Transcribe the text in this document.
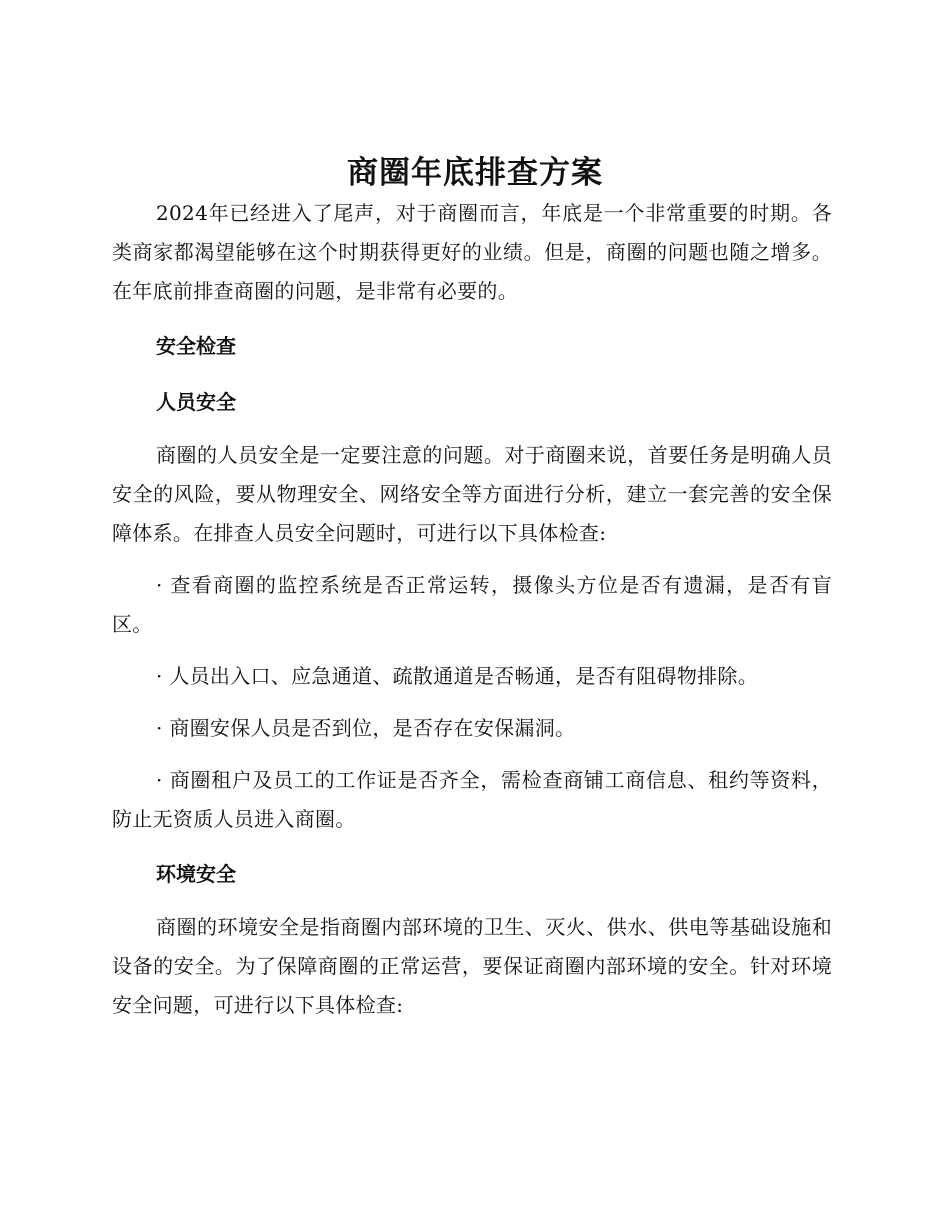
商圈年底排查方案

2024年已经进入了尾声，对于商圈而言，年底是一个非常重要的时期。各类商家都渴望能够在这个时期获得更好的业绩。但是，商圈的问题也随之增多。在年底前排查商圈的问题，是非常有必要的。

安全检查
人员安全

商圈的人员安全是一定要注意的问题。对于商圈来说，首要任务是明确人员安全的风险，要从物理安全、网络安全等方面进行分析，建立一套完善的安全保障体系。在排查人员安全问题时，可进行以下具体检查:

· 查看商圈的监控系统是否正常运转，摄像头方位是否有遗漏，是否有盲区。

· 人员出入口、应急通道、疏散通道是否畅通，是否有阻碍物排除。

· 商圈安保人员是否到位，是否存在安保漏洞。

· 商圈租户及员工的工作证是否齐全，需检查商铺工商信息、租约等资料，防止无资质人员进入商圈。

环境安全

商圈的环境安全是指商圈内部环境的卫生、灭火、供水、供电等基础设施和设备的安全。为了保障商圈的正常运营，要保证商圈内部环境的安全。针对环境安全问题，可进行以下具体检查:
